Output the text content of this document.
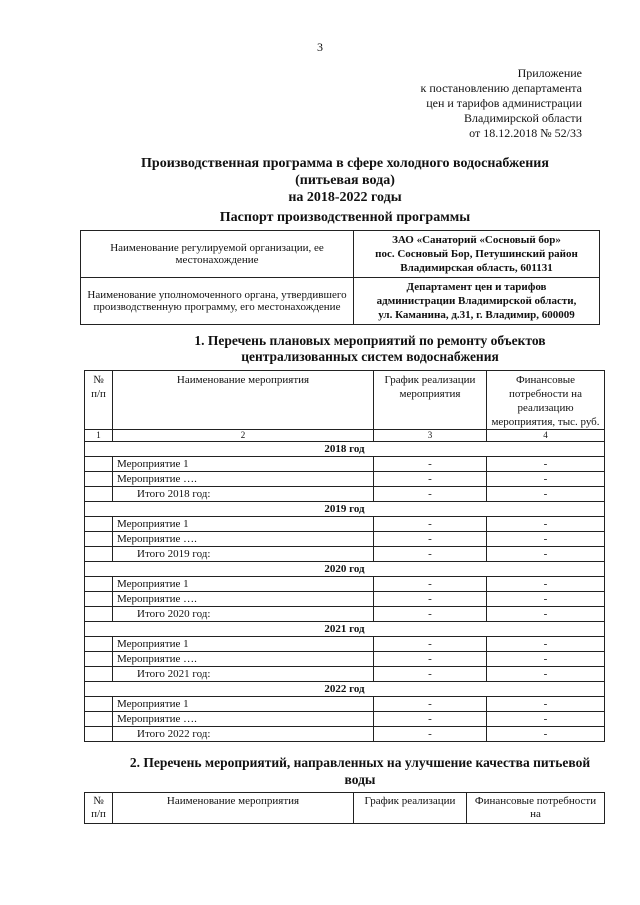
3
Приложение
к постановлению департамента
цен и тарифов администрации
Владимирской области
от 18.12.2018 № 52/33
Производственная программа в сфере холодного водоснабжения
(питьевая вода)
на 2018-2022 годы
Паспорт производственной программы
Наименование регулируемой организации, ее местонахождение	ЗАО «Санаторий «Сосновый бор»
пос. Сосновый Бор, Петушинский район
Владимирская область, 601131

Наименование уполномоченного органа, утвердившего производственную программу, его местонахождение	Департамент цен и тарифов
администрации Владимирской области,
ул. Каманина, д.31, г. Владимир, 600009
1. Перечень плановых мероприятий по ремонту объектов
централизованных систем водоснабжения
№ п/п	Наименование мероприятия	График реализации мероприятия	Финансовые потребности на реализацию мероприятия, тыс. руб.
1	2	3	4
2018 год			
	Мероприятие 1	-	-
	Мероприятие ….	-	-
	Итого 2018 год:	-	-
2019 год			
	Мероприятие 1	-	-
	Мероприятие ….	-	-
	Итого 2019 год:	-	-
2020 год			
	Мероприятие 1	-	-
	Мероприятие ….	-	-
	Итого 2020 год:	-	-
2021 год			
	Мероприятие 1	-	-
	Мероприятие ….	-	-
	Итого 2021 год:	-	-
2022 год			
	Мероприятие 1	-	-
	Мероприятие ….	-	-
	Итого 2022 год:	-	-
2. Перечень мероприятий, направленных на улучшение качества питьевой
воды
№ п/п	Наименование мероприятия	График реализации	Финансовые потребности на
